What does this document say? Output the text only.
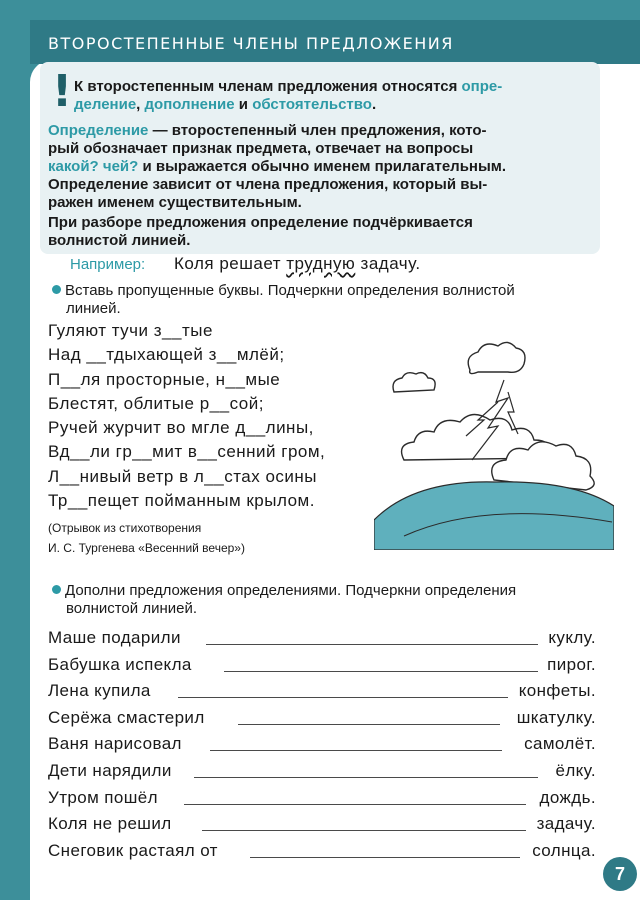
ВТОРОСТЕПЕННЫЕ ЧЛЕНЫ ПРЕДЛОЖЕНИЯ
! К второстепенным членам предложения относятся опре-
деление, дополнение и обстоятельство.
Определение — второстепенный член предложения, кото-
рый обозначает признак предмета, отвечает на вопросы
какой? чей? и выражается обычно именем прилагательным.
Определение зависит от члена предложения, который вы-
ражен именем существительным.
При разборе предложения определение подчёркивается
волнистой линией.
Например: Коля решает трудную задачу.
Вставь пропущенные буквы. Подчеркни определения волнистой
линией.
Гуляют тучи з__тые
Над __тдыхающей з__млёй;
П__ля просторные, н__мые
Блестят, облитые р__сой;
Ручей журчит во мгле д__лины,
Вд__ли гр__мит в__сенний гром,
Л__нивый ветр в л__стах осины
Тр__пещет пойманным крылом.
(Отрывок из стихотворения
И. С. Тургенева «Весенний вечер»)
Дополни предложения определениями. Подчеркни определения
волнистой линией.
Маше подарили	куклу.
Бабушка испекла	пирог.
Лена купила	конфеты.
Серёжа смастерил	шкатулку.
Ваня нарисовал	самолёт.
Дети нарядили	ёлку.
Утром пошёл	дождь.
Коля не решил	задачу.
Снеговик растаял от	солнца.
7
